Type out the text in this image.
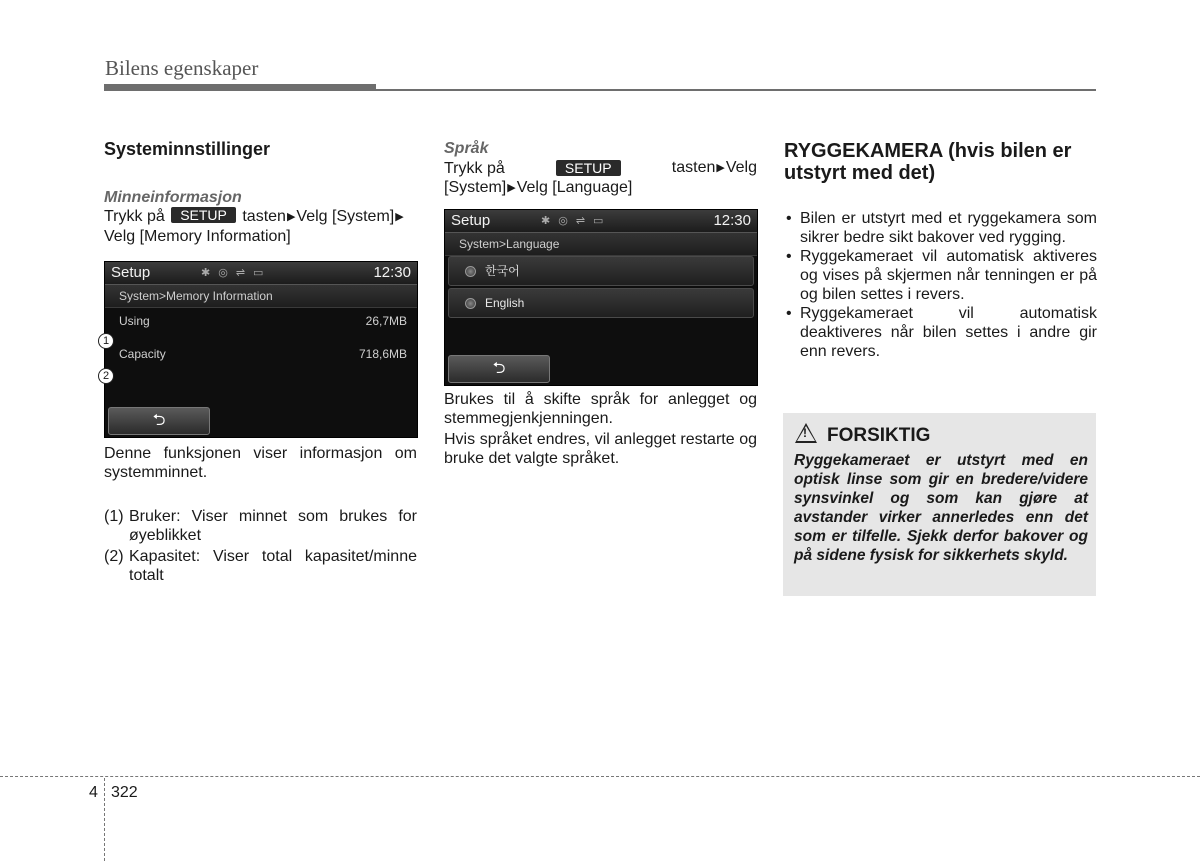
Bilens egenskaper
Systeminnstillinger
Minneinformasjon
Trykk på SETUP tasten▶Velg [System]▶
Velg [Memory Information]
Setup	✱◎⇌▭	12:30
System>Memory Information
Using	26,7MB
Capacity	718,6MB
⮌
1
2
Denne funksjonen viser informasjon om systemminnet.
(1) Bruker: Viser minnet som brukes for øyeblikket
(2) Kapasitet: Viser total kapasitet/minne totalt
Språk
Trykk på	SETUP	tasten▶Velg
[System]▶Velg [Language]
Setup	✱◎⇌▭	12:30
System>Language
한국어
English
⮌
Brukes til å skifte språk for anlegget og stemmegjenkjenningen.
Hvis språket endres, vil anlegget restarte og bruke det valgte språket.
RYGGEKAMERA (hvis bilen er utstyrt med det)
• Bilen er utstyrt med et ryggekamera som sikrer bedre sikt bakover ved rygging.
• Ryggekameraet vil automatisk aktiveres og vises på skjermen når tenningen er på og bilen settes i revers.
• Ryggekameraet vil automatisk deaktiveres når bilen settes i andre gir enn revers.
! FORSIKTIG
Ryggekameraet er utstyrt med en optisk linse som gir en bredere/videre synsvinkel og som kan gjøre at avstander virker annerledes enn det som er tilfelle. Sjekk derfor bakover og på sidene fysisk for sikkerhets skyld.
4 322
